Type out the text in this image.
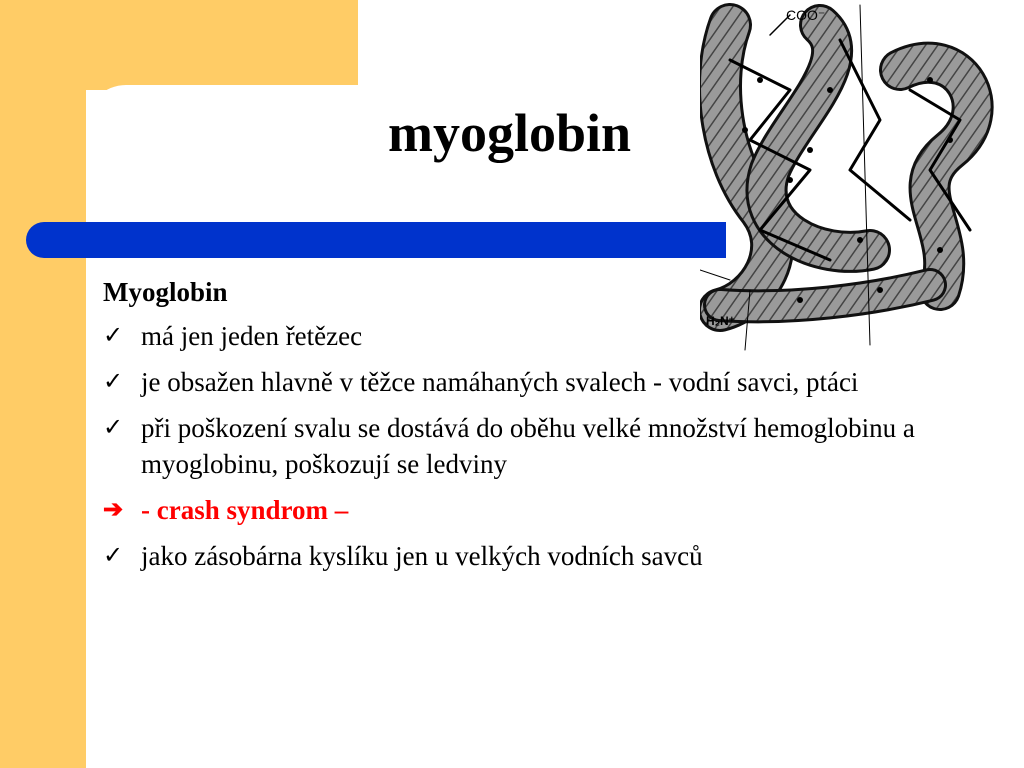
myoglobin
COO⁻
H₂N⁺
Myoglobin
✓ má jen jeden řetězec
✓ je obsažen hlavně v těžce namáhaných svalech - vodní savci, ptáci
✓ při poškození svalu se dostává do oběhu velké množství hemoglobinu a myoglobinu, poškozují se ledviny
➔ - crash syndrom –
✓ jako zásobárna kyslíku jen u velkých vodních savců
